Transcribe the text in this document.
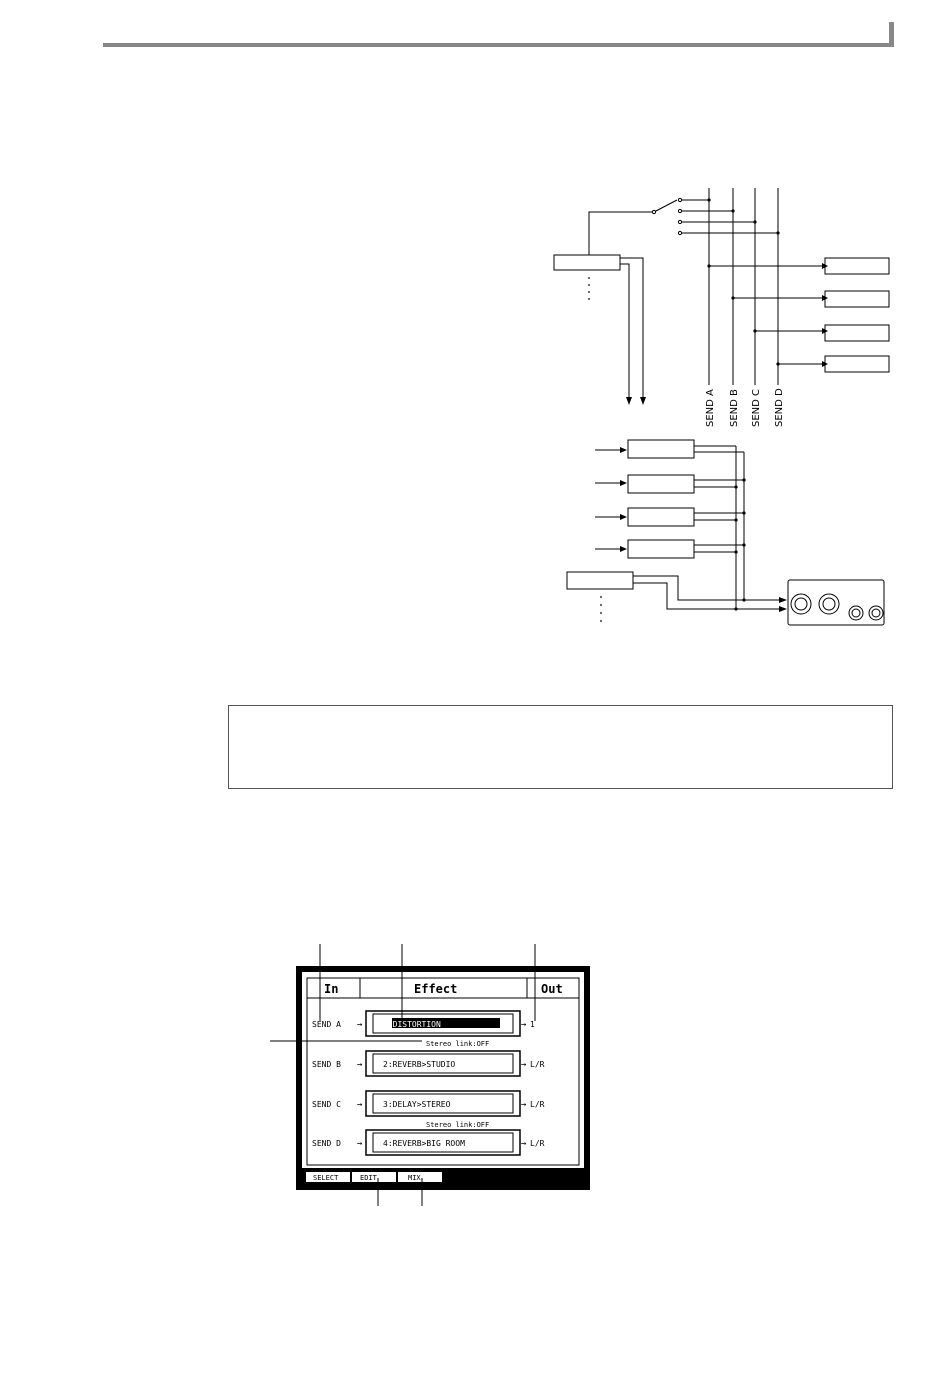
SEND A SEND B SEND C SEND D
In	Effect	Out
SEND A →	1:DISTORTION	→ 1
Stereo link:OFF
SEND B →	2:REVERB>STUDIO	→ L/R
SEND C →	3:DELAY>STEREO	→ L/R
Stereo link:OFF
SEND D →	4:REVERB>BIG ROOM	→ L/R
SELECT	EDIT	MIX
